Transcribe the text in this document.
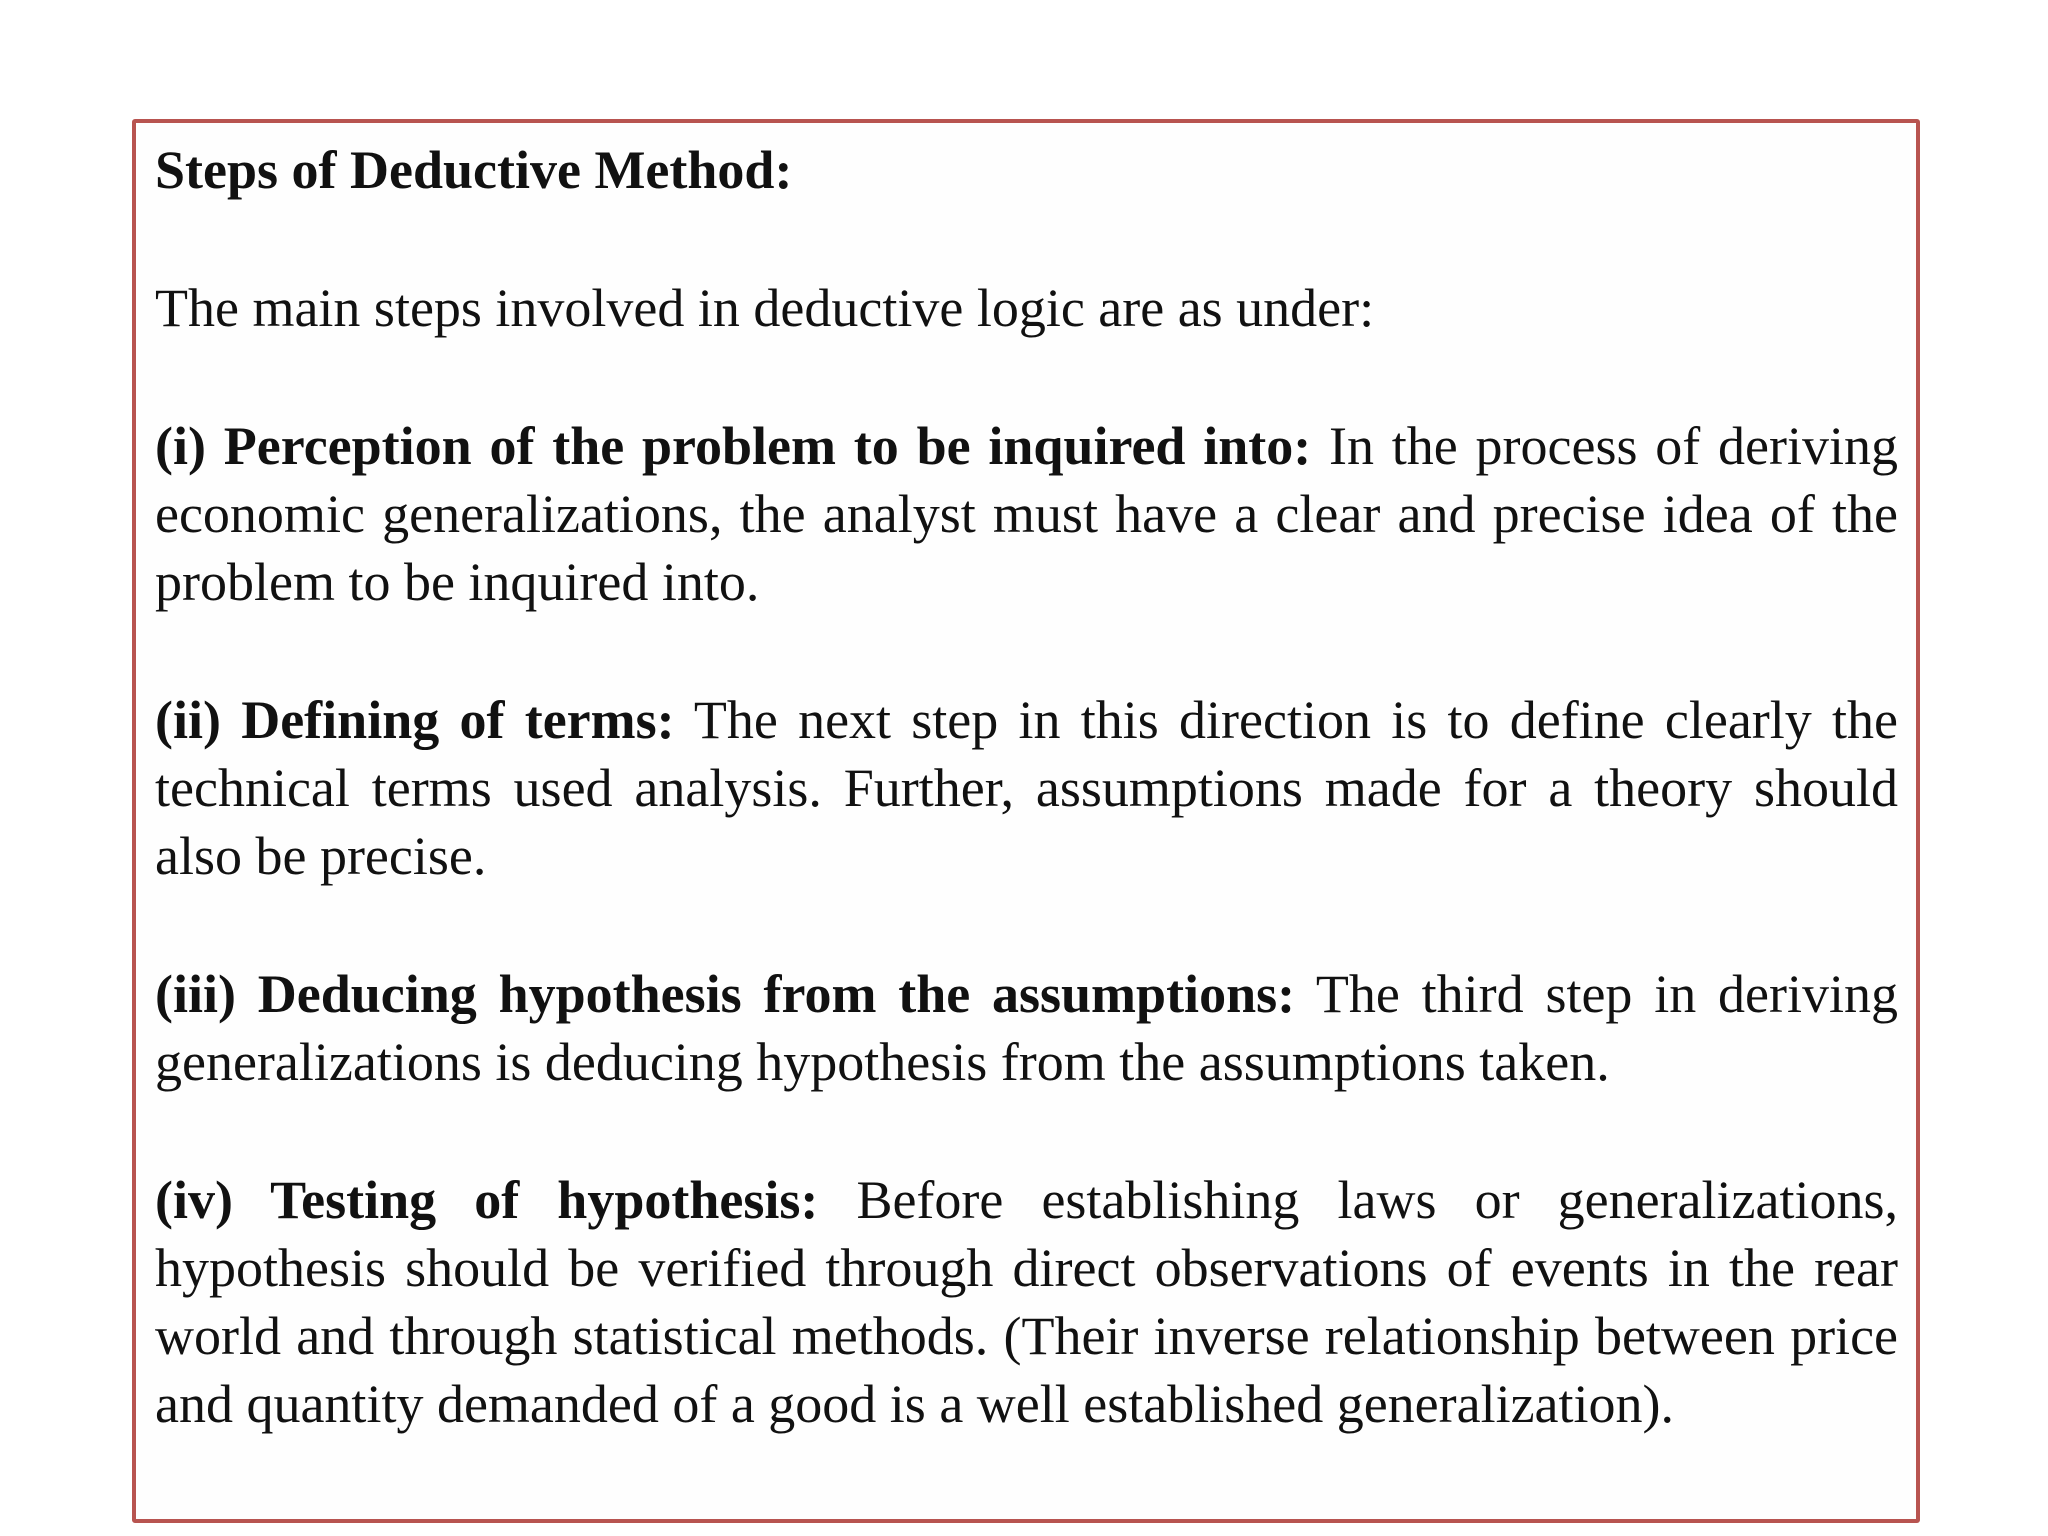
Steps of Deductive Method:

The main steps involved in deductive logic are as under:

(i) Perception of the problem to be inquired into: In the process of deriving economic generalizations, the analyst must have a clear and precise idea of the problem to be inquired into.

(ii) Defining of terms: The next step in this direction is to define clearly the technical terms used analysis. Further, assumptions made for a theory should also be precise.

(iii) Deducing hypothesis from the assumptions: The third step in deriving generalizations is deducing hypothesis from the assumptions taken.

(iv) Testing of hypothesis: Before establishing laws or generalizations, hypothesis should be verified through direct observations of events in the rear world and through statistical methods. (Their inverse relationship between price and quantity demanded of a good is a well established generalization).
